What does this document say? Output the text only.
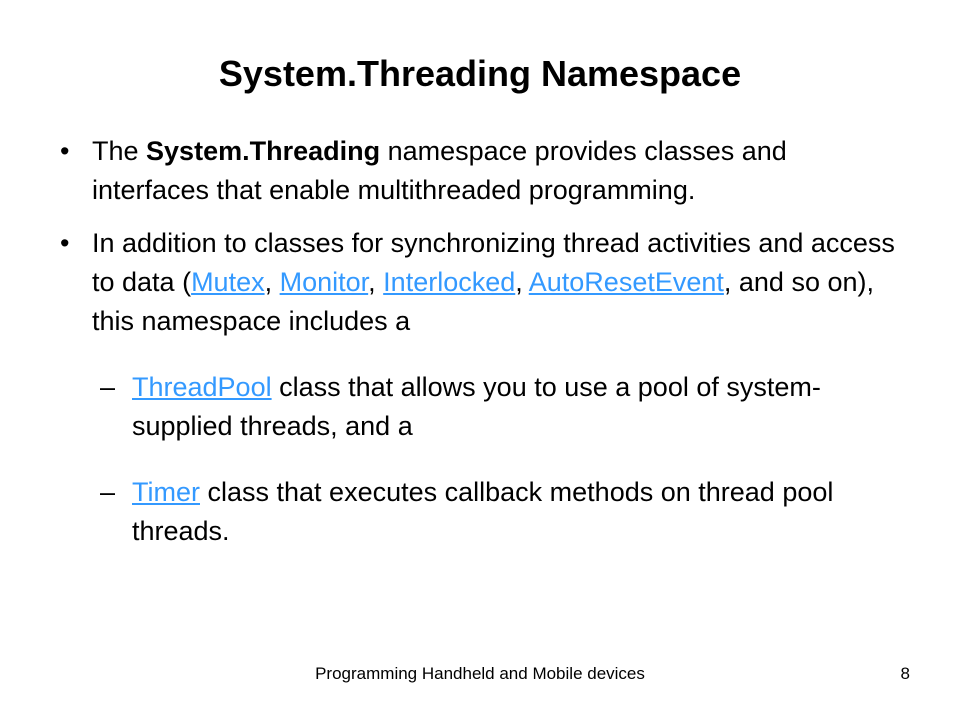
System.Threading Namespace

• The System.Threading namespace provides classes and interfaces that enable multithreaded programming.

• In addition to classes for synchronizing thread activities and access to data (Mutex, Monitor, Interlocked, AutoResetEvent, and so on), this namespace includes a

– ThreadPool class that allows you to use a pool of system-supplied threads, and a

– Timer class that executes callback methods on thread pool threads.

Programming Handheld and Mobile devices	8
